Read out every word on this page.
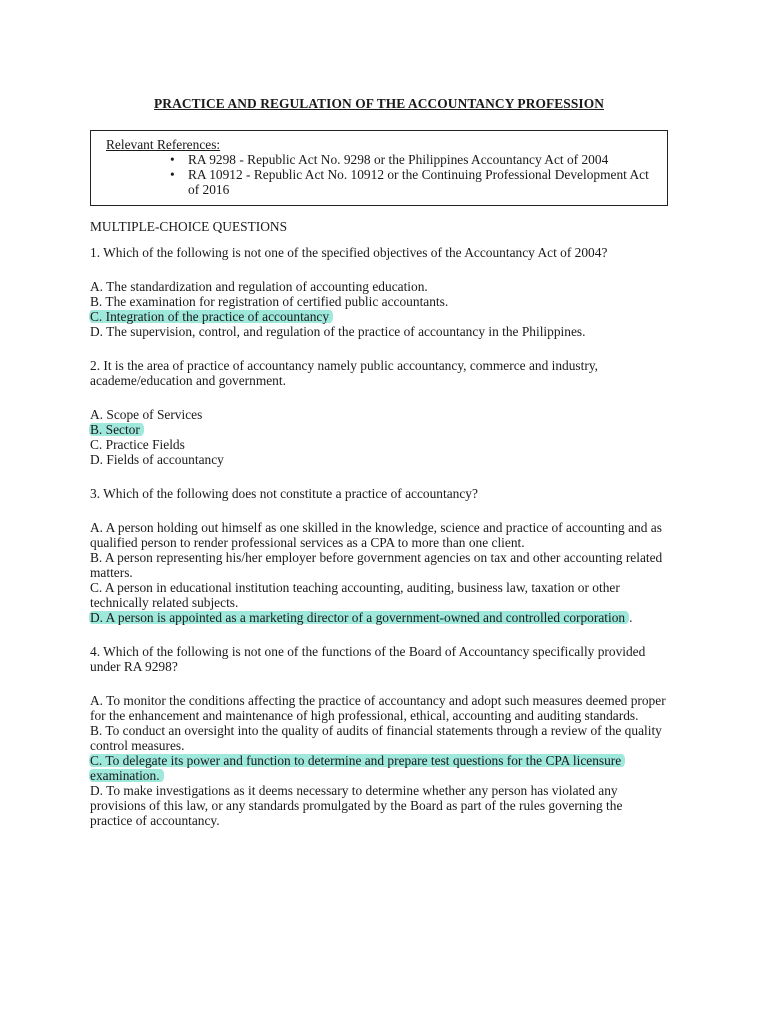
PRACTICE AND REGULATION OF THE ACCOUNTANCY PROFESSION
Relevant References:
• RA 9298 - Republic Act No. 9298 or the Philippines Accountancy Act of 2004
• RA 10912 - Republic Act No. 10912 or the Continuing Professional Development Act of 2016
MULTIPLE-CHOICE QUESTIONS
1. Which of the following is not one of the specified objectives of the Accountancy Act of 2004?
A. The standardization and regulation of accounting education.
B. The examination for registration of certified public accountants.
C. Integration of the practice of accountancy
D. The supervision, control, and regulation of the practice of accountancy in the Philippines.
2. It is the area of practice of accountancy namely public accountancy, commerce and industry, academe/education and government.
A. Scope of Services
B. Sector
C. Practice Fields
D. Fields of accountancy
3. Which of the following does not constitute a practice of accountancy?
A. A person holding out himself as one skilled in the knowledge, science and practice of accounting and as qualified person to render professional services as a CPA to more than one client.
B. A person representing his/her employer before government agencies on tax and other accounting related matters.
C. A person in educational institution teaching accounting, auditing, business law, taxation or other technically related subjects.
D. A person is appointed as a marketing director of a government-owned and controlled corporation .
4. Which of the following is not one of the functions of the Board of Accountancy specifically provided under RA 9298?
A. To monitor the conditions affecting the practice of accountancy and adopt such measures deemed proper for the enhancement and maintenance of high professional, ethical, accounting and auditing standards.
B. To conduct an oversight into the quality of audits of financial statements through a review of the quality control measures.
C. To delegate its power and function to determine and prepare test questions for the CPA licensure examination.
D. To make investigations as it deems necessary to determine whether any person has violated any provisions of this law, or any standards promulgated by the Board as part of the rules governing the practice of accountancy.
